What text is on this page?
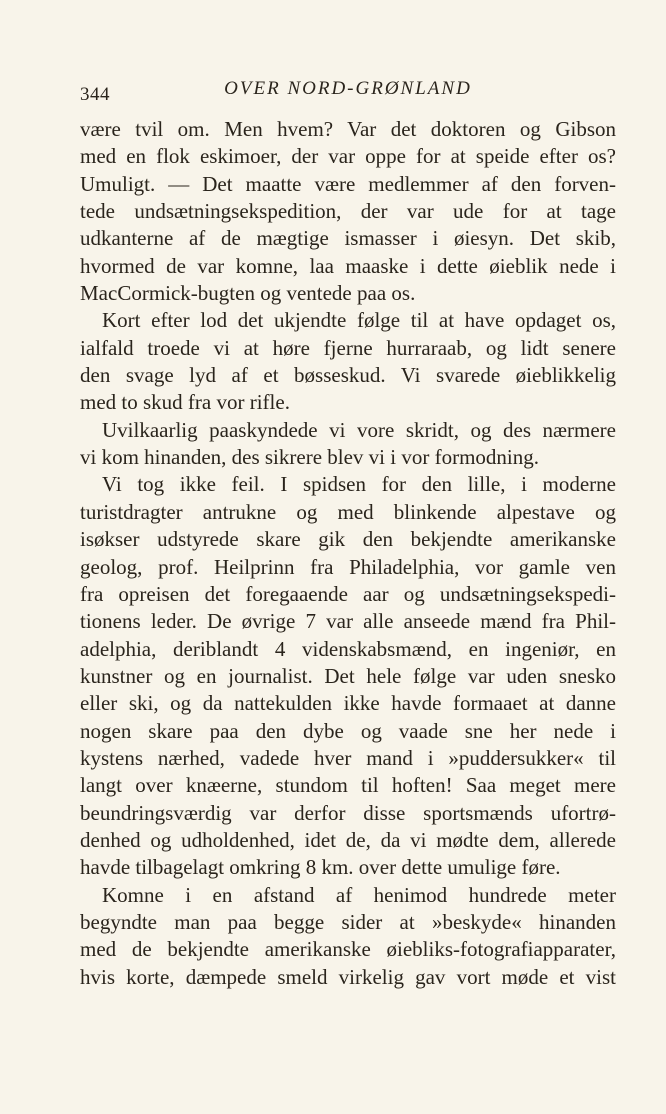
344	OVER NORD-GRØNLAND
være tvil om. Men hvem? Var det doktoren og Gibson
med en flok eskimoer, der var oppe for at speide efter os?
Umuligt. — Det maatte være medlemmer af den forven-
tede undsætningsekspedition, der var ude for at tage
udkanterne af de mægtige ismasser i øiesyn. Det skib,
hvormed de var komne, laa maaske i dette øieblik nede i
MacCormick-bugten og ventede paa os.
Kort efter lod det ukjendte følge til at have opdaget os,
ialfald troede vi at høre fjerne hurraraab, og lidt senere
den svage lyd af et bøsseskud. Vi svarede øieblikkelig
med to skud fra vor rifle.
Uvilkaarlig paaskyndede vi vore skridt, og des nærmere
vi kom hinanden, des sikrere blev vi i vor formodning.
Vi tog ikke feil. I spidsen for den lille, i moderne
turistdragter antrukne og med blinkende alpestave og
isøkser udstyrede skare gik den bekjendte amerikanske
geolog, prof. Heilprinn fra Philadelphia, vor gamle ven
fra opreisen det foregaaende aar og undsætningsekspedi-
tionens leder. De øvrige 7 var alle anseede mænd fra Phil-
adelphia, deriblandt 4 videnskabsmænd, en ingeniør, en
kunstner og en journalist. Det hele følge var uden snesko
eller ski, og da nattekulden ikke havde formaaet at danne
nogen skare paa den dybe og vaade sne her nede i
kystens nærhed, vadede hver mand i »puddersukker« til
langt over knæerne, stundom til hoften! Saa meget mere
beundringsværdig var derfor disse sportsmænds ufortrø-
denhed og udholdenhed, idet de, da vi mødte dem, allerede
havde tilbagelagt omkring 8 km. over dette umulige føre.
Komne i en afstand af henimod hundrede meter
begyndte man paa begge sider at »beskyde« hinanden
med de bekjendte amerikanske øiebliks-fotografiapparater,
hvis korte, dæmpede smeld virkelig gav vort møde et vist
